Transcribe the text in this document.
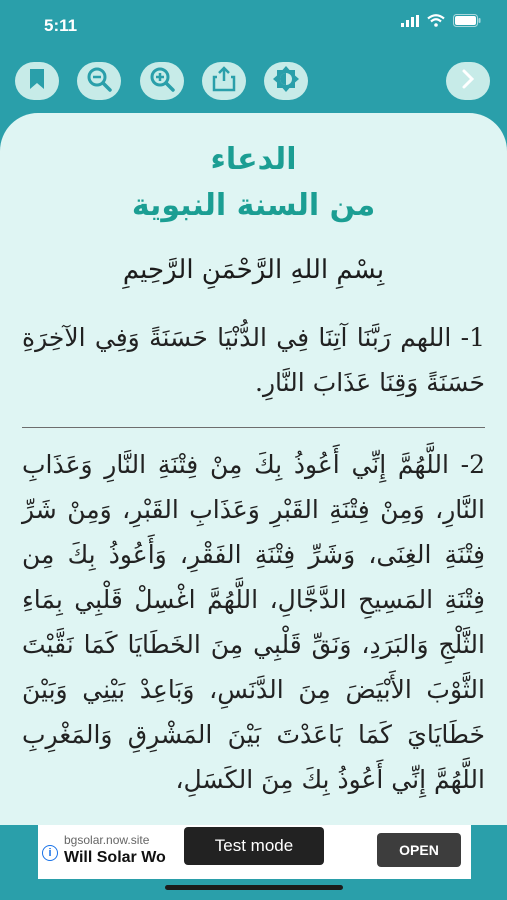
5:11
الدعاء
من السنة النبوية
بِسْمِ اللهِ الرَّحْمَنِ الرَّحِيمِ
1- اللهم رَبَّنَا آتِنَا فِي الدُّنْيَا حَسَنَةً وَفِي الآخِرَةِ حَسَنَةً وَقِنَا عَذَابَ النَّارِ.
2- اللَّهُمَّ إِنِّي أَعُوذُ بِكَ مِنْ فِتْنَةِ النَّارِ وَعَذَابِ النَّارِ، وَمِنْ فِتْنَةِ القَبْرِ وَعَذَابِ القَبْرِ، وَمِنْ شَرِّ فِتْنَةِ الغِنَى، وَشَرِّ فِتْنَةِ الفَقْرِ، وَأَعُوذُ بِكَ مِن فِتْنَةِ المَسِيحِ الدَّجَّالِ، اللَّهُمَّ اغْسِلْ قَلْبِي بِمَاءِ الثَّلْجِ وَالبَرَدِ، وَنَقِّ قَلْبِي مِنَ الخَطَايَا كَمَا نَقَّيْتَ الثَّوْبَ الأَبْيَضَ مِنَ الدَّنَسِ، وَبَاعِدْ بَيْنِي وَبَيْنَ خَطَايَايَ كَمَا بَاعَدْتَ بَيْنَ المَشْرِقِ وَالمَغْرِبِ اللَّهُمَّ إِنِّي أَعُوذُ بِكَ مِنَ الكَسَلِ،
i
bgsolar.now.site
Will Solar Wo
Test mode	OPEN
